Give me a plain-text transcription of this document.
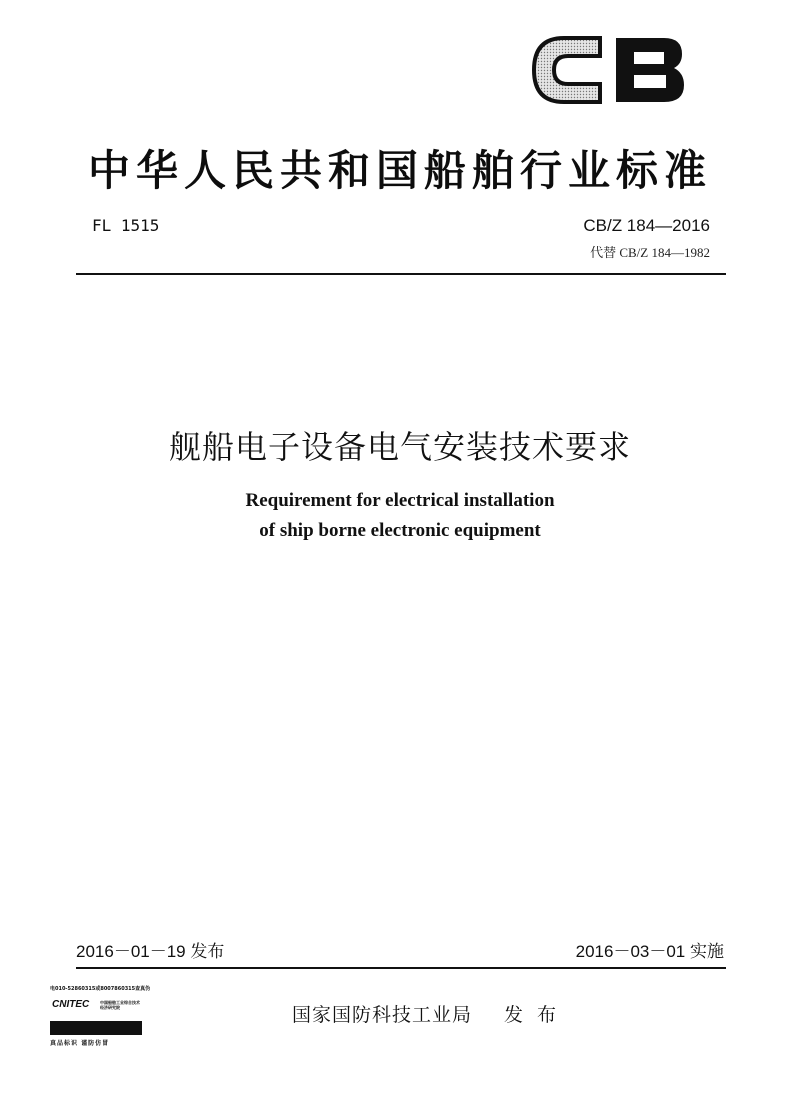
中华人民共和国船舶行业标准
FL 1515	CB/Z 184—2016
代替 CB/Z 184—1982
舰船电子设备电气安装技术要求
Requirement for electrical installation
of ship borne electronic equipment
2016－01－19 发布	2016－03－01 实施
电010-52860315或8007860315查真伪
CNITEC	中国船舶工业综合技术经济研究院
真品标识 谨防仿冒
国家国防科技工业局 发 布
